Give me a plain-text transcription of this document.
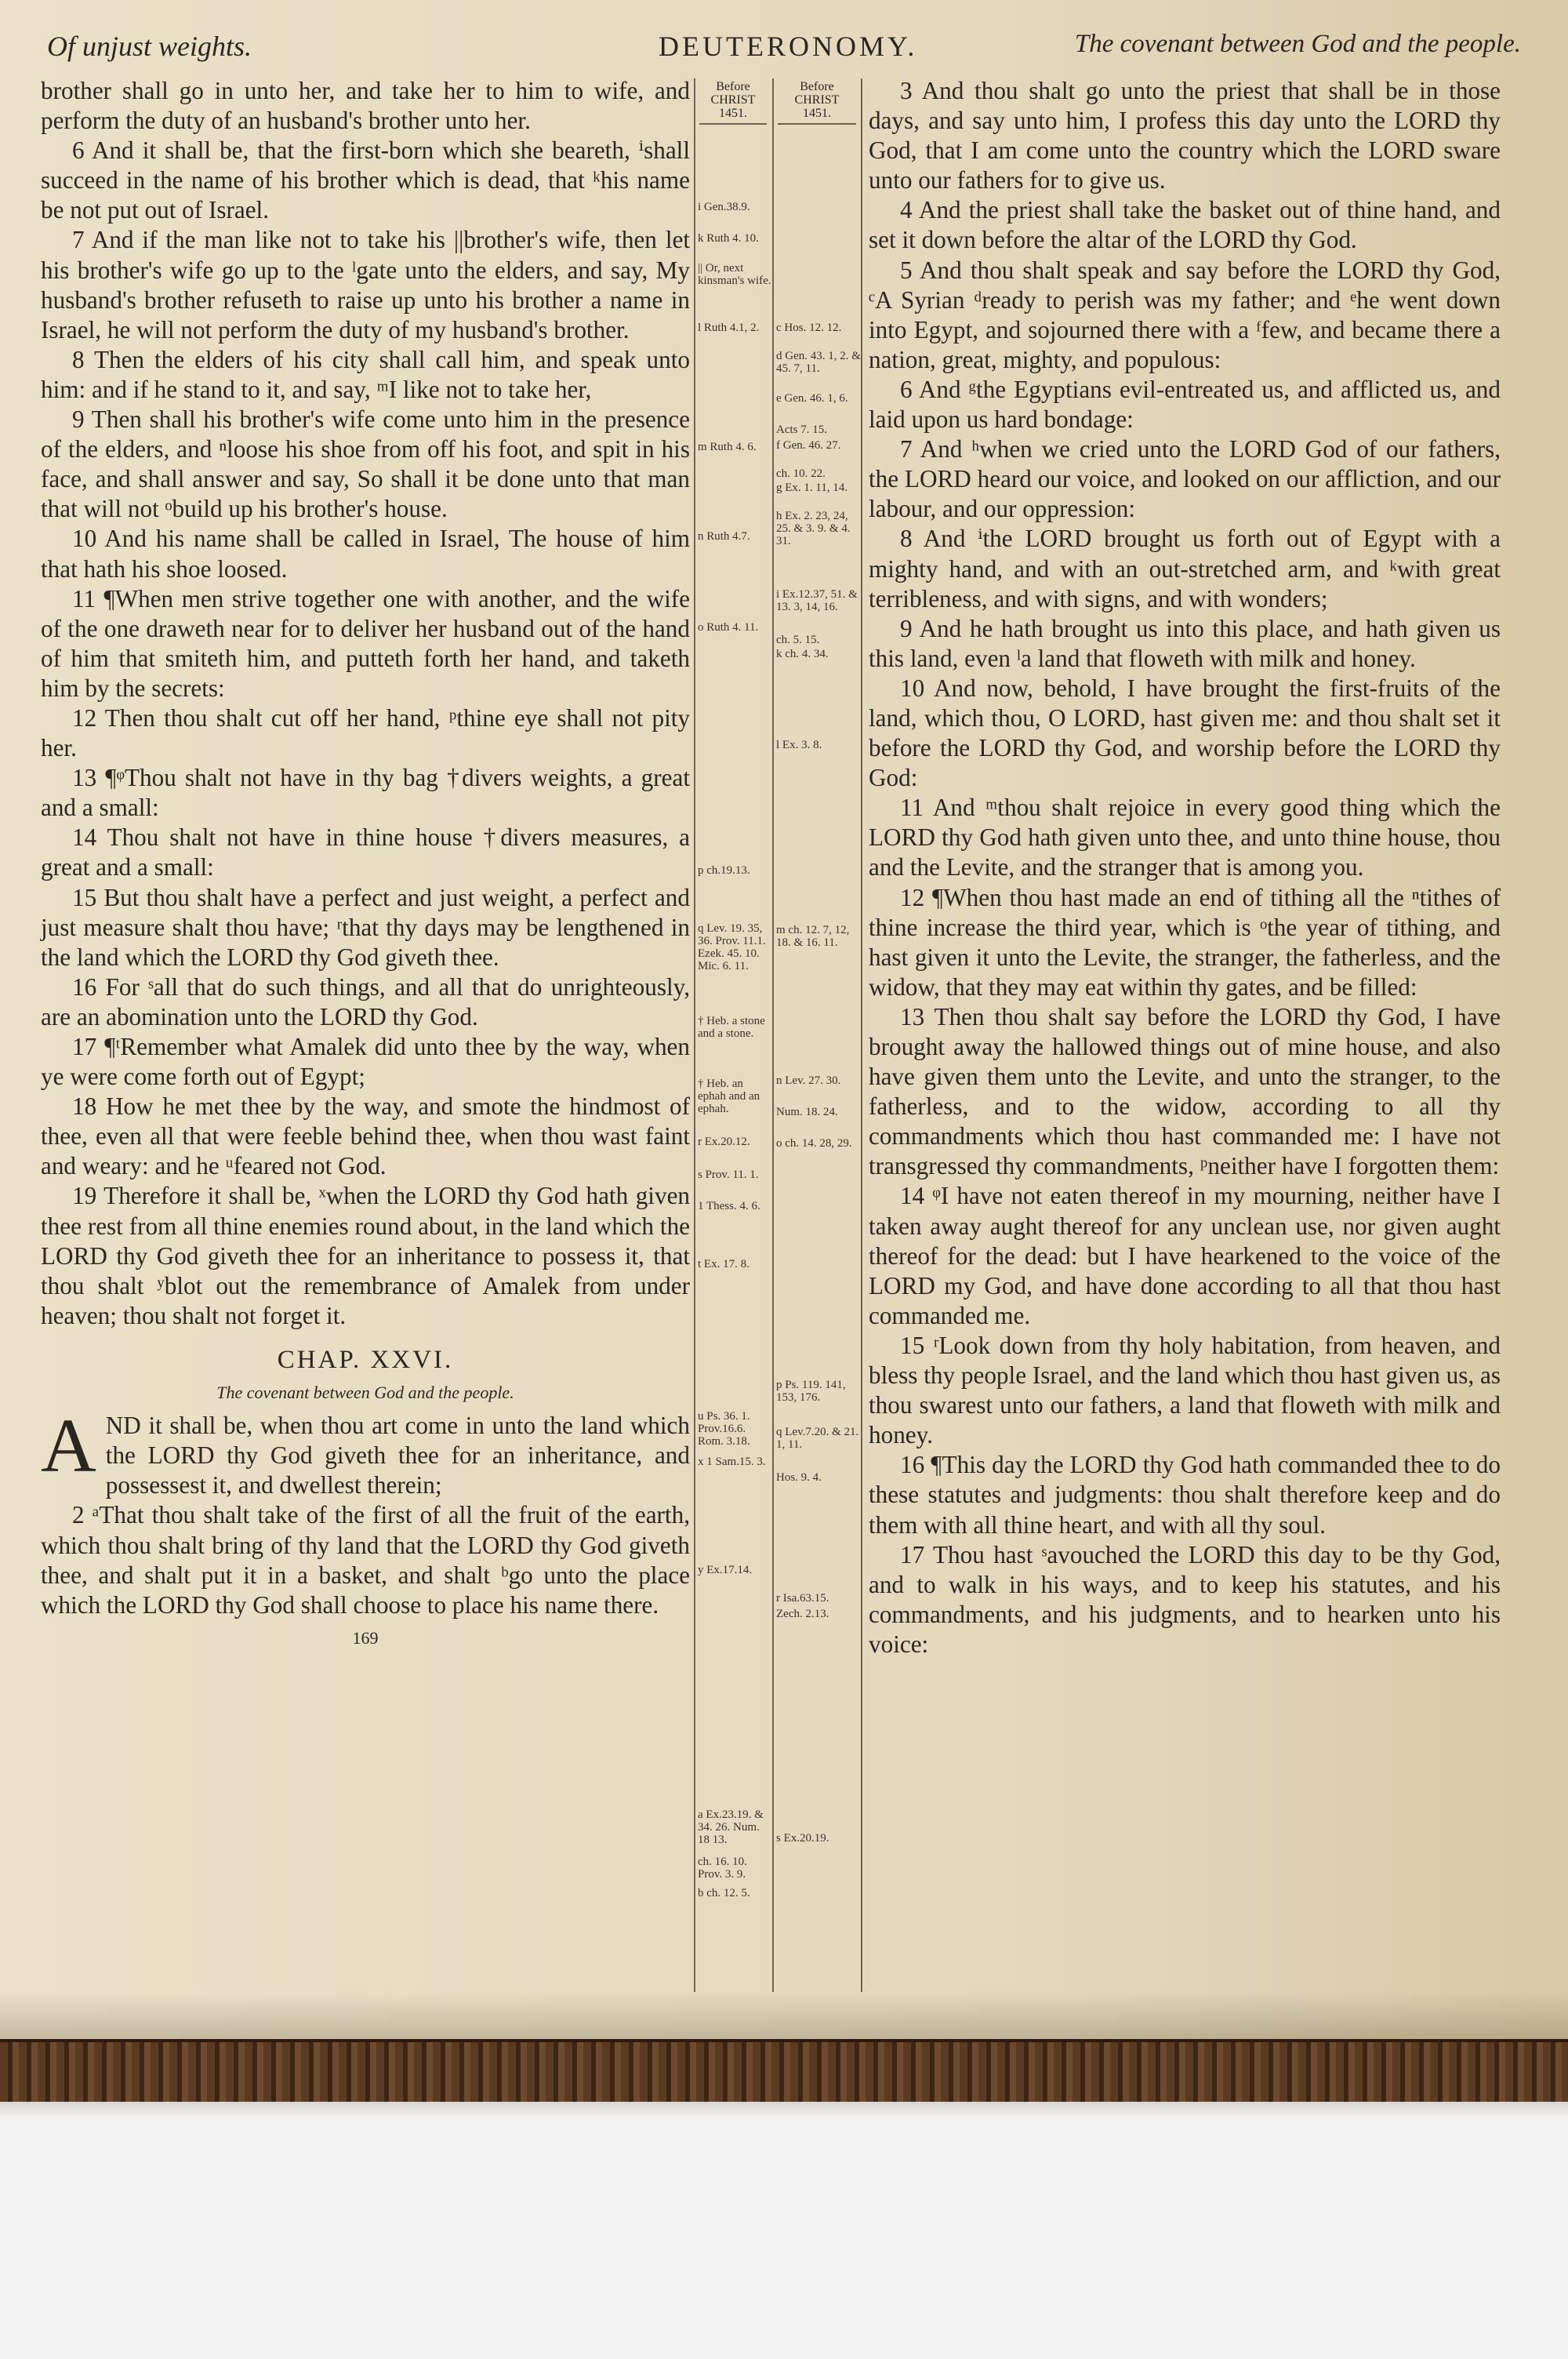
Of unjust weights.	DEUTERONOMY.	The covenant between God and the people.
Before CHRIST
1451.
Before CHRIST
1451.
i Gen.38.9.
k Ruth 4. 10.
|| Or, next kinsman's wife.
l Ruth 4.1, 2.
m Ruth 4. 6.
n Ruth 4.7.
o Ruth 4. 11.
p ch.19.13.
q Lev. 19. 35, 36. Prov. 11.1. Ezek. 45. 10. Mic. 6. 11.
† Heb. a stone and a stone.
† Heb. an ephah and an ephah.
r Ex.20.12.
s Prov. 11. 1.
1 Thess. 4. 6.
t Ex. 17. 8.
u Ps. 36. 1. Prov.16.6. Rom. 3.18.
x 1 Sam.15. 3.
y Ex.17.14.
a Ex.23.19. & 34. 26. Num. 18 13.
ch. 16. 10. Prov. 3. 9.
b ch. 12. 5.
c Hos. 12. 12.
d Gen. 43. 1, 2. & 45. 7, 11.
e Gen. 46. 1, 6.
Acts 7. 15.
f Gen. 46. 27.
ch. 10. 22.
g Ex. 1. 11, 14.
h Ex. 2. 23, 24, 25. & 3. 9. & 4. 31.
i Ex.12.37, 51. & 13. 3, 14, 16.
ch. 5. 15.
k ch. 4. 34.
l Ex. 3. 8.
m ch. 12. 7, 12, 18. & 16. 11.
n Lev. 27. 30.
Num. 18. 24.
o ch. 14. 28, 29.
p Ps. 119. 141, 153, 176.
q Lev.7.20. & 21. 1, 11.
Hos. 9. 4.
r Isa.63.15.
Zech. 2.13.
s Ex.20.19.

brother shall go in unto her, and take her to him to wife, and perform the duty of an husband's brother unto her.

6 And it shall be, that the first-born which she beareth, ⁱshall succeed in the name of his brother which is dead, that ᵏhis name be not put out of Israel.

7 And if the man like not to take his ||brother's wife, then let his brother's wife go up to the ˡgate unto the elders, and say, My husband's brother refuseth to raise up unto his brother a name in Israel, he will not perform the duty of my husband's brother.

8 Then the elders of his city shall call him, and speak unto him: and if he stand to it, and say, ᵐI like not to take her,

9 Then shall his brother's wife come unto him in the presence of the elders, and ⁿloose his shoe from off his foot, and spit in his face, and shall answer and say, So shall it be done unto that man that will not ᵒbuild up his brother's house.

10 And his name shall be called in Israel, The house of him that hath his shoe loosed.

11 ¶When men strive together one with another, and the wife of the one draweth near for to deliver her husband out of the hand of him that smiteth him, and putteth forth her hand, and taketh him by the secrets:

12 Then thou shalt cut off her hand, ᵖthine eye shall not pity her.

13 ¶ᵠThou shalt not have in thy bag †divers weights, a great and a small:

14 Thou shalt not have in thine house †divers measures, a great and a small:

15 But thou shalt have a perfect and just weight, a perfect and just measure shalt thou have; ʳthat thy days may be lengthened in the land which the LORD thy God giveth thee.

16 For ˢall that do such things, and all that do unrighteously, are an abomination unto the LORD thy God.

17 ¶ᵗRemember what Amalek did unto thee by the way, when ye were come forth out of Egypt;

18 How he met thee by the way, and smote the hindmost of thee, even all that were feeble behind thee, when thou wast faint and weary: and he ᵘfeared not God.

19 Therefore it shall be, ˣwhen the LORD thy God hath given thee rest from all thine enemies round about, in the land which the LORD thy God giveth thee for an inheritance to possess it, that thou shalt ʸblot out the remembrance of Amalek from under heaven; thou shalt not forget it.

CHAP. XXVI.
The covenant between God and the people.

AND it shall be, when thou art come in unto the land which the LORD thy God giveth thee for an inheritance, and possessest it, and dwellest therein;

2 ᵃThat thou shalt take of the first of all the fruit of the earth, which thou shalt bring of thy land that the LORD thy God giveth thee, and shalt put it in a basket, and shalt ᵇgo unto the place which the LORD thy God shall choose to place his name there.

169

3 And thou shalt go unto the priest that shall be in those days, and say unto him, I profess this day unto the LORD thy God, that I am come unto the country which the LORD sware unto our fathers for to give us.

4 And the priest shall take the basket out of thine hand, and set it down before the altar of the LORD thy God.

5 And thou shalt speak and say before the LORD thy God, ᶜA Syrian ᵈready to perish was my father; and ᵉhe went down into Egypt, and sojourned there with a ᶠfew, and became there a nation, great, mighty, and populous:

6 And ᵍthe Egyptians evil-entreated us, and afflicted us, and laid upon us hard bondage:

7 And ʰwhen we cried unto the LORD God of our fathers, the LORD heard our voice, and looked on our affliction, and our labour, and our oppression:

8 And ⁱthe LORD brought us forth out of Egypt with a mighty hand, and with an out-stretched arm, and ᵏwith great terribleness, and with signs, and with wonders;

9 And he hath brought us into this place, and hath given us this land, even ˡa land that floweth with milk and honey.

10 And now, behold, I have brought the first-fruits of the land, which thou, O LORD, hast given me: and thou shalt set it before the LORD thy God, and worship before the LORD thy God:

11 And ᵐthou shalt rejoice in every good thing which the LORD thy God hath given unto thee, and unto thine house, thou and the Levite, and the stranger that is among you.

12 ¶When thou hast made an end of tithing all the ⁿtithes of thine increase the third year, which is ᵒthe year of tithing, and hast given it unto the Levite, the stranger, the fatherless, and the widow, that they may eat within thy gates, and be filled:

13 Then thou shalt say before the LORD thy God, I have brought away the hallowed things out of mine house, and also have given them unto the Levite, and unto the stranger, to the fatherless, and to the widow, according to all thy commandments which thou hast commanded me: I have not transgressed thy commandments, ᵖneither have I forgotten them:

14 ᵠI have not eaten thereof in my mourning, neither have I taken away aught thereof for any unclean use, nor given aught thereof for the dead: but I have hearkened to the voice of the LORD my God, and have done according to all that thou hast commanded me.

15 ʳLook down from thy holy habitation, from heaven, and bless thy people Israel, and the land which thou hast given us, as thou swarest unto our fathers, a land that floweth with milk and honey.

16 ¶This day the LORD thy God hath commanded thee to do these statutes and judgments: thou shalt therefore keep and do them with all thine heart, and with all thy soul.

17 Thou hast ˢavouched the LORD this day to be thy God, and to walk in his ways, and to keep his statutes, and his commandments, and his judgments, and to hearken unto his voice:
